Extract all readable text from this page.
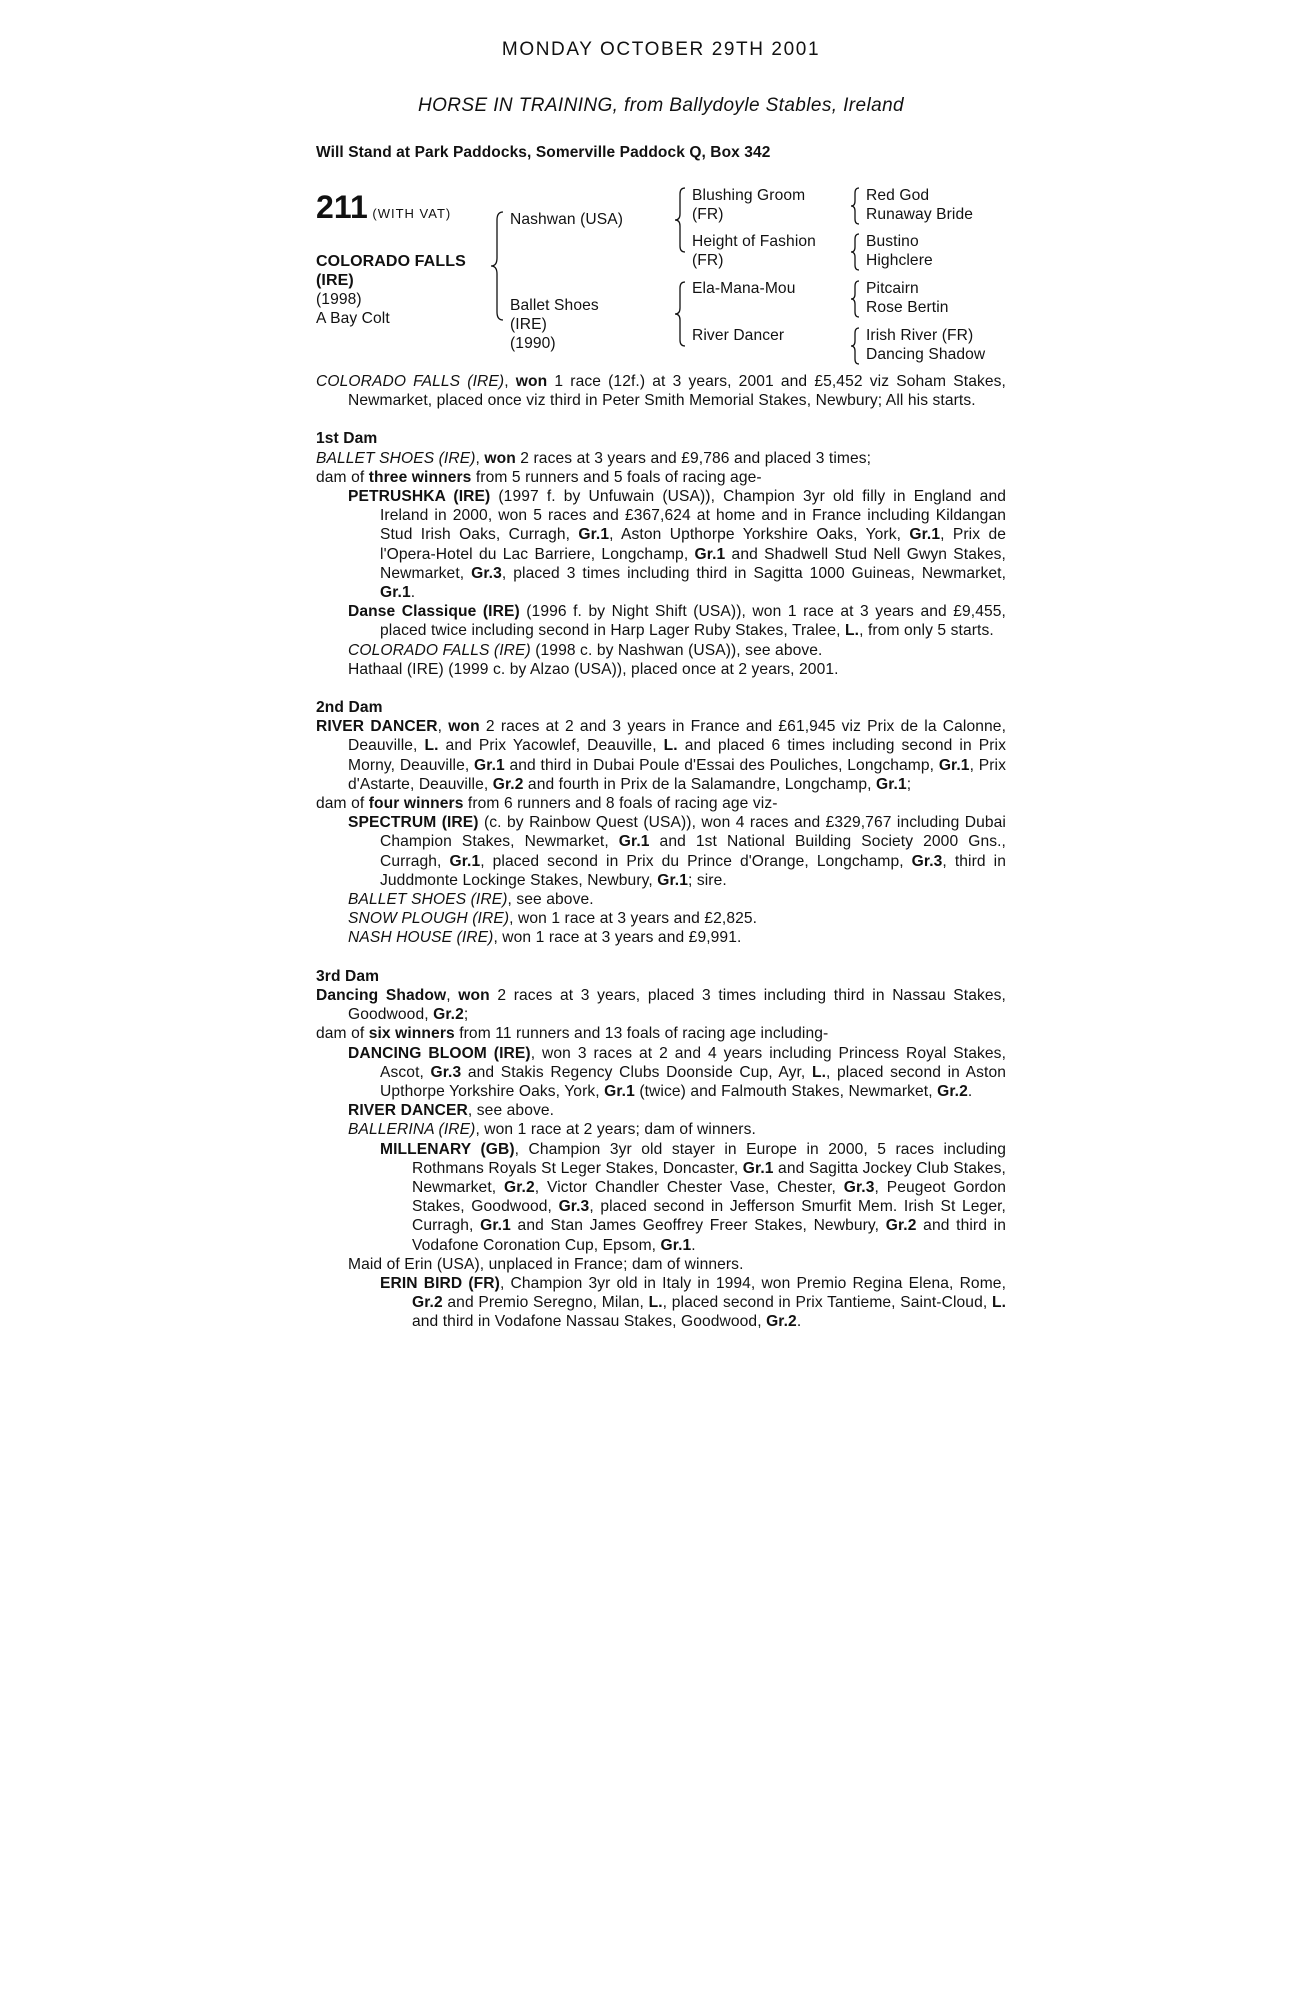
MONDAY OCTOBER 29TH 2001
HORSE IN TRAINING, from Ballydoyle Stables, Ireland
Will Stand at Park Paddocks, Somerville Paddock Q, Box 342
211 (WITH VAT)
COLORADO FALLS
(IRE)
(1998)
A Bay Colt
Nashwan (USA)
Ballet Shoes
(IRE)
(1990)
Blushing Groom
(FR)
Height of Fashion
(FR)
Ela-Mana-Mou
River Dancer
Red God
Runaway Bride
Bustino
Highclere
Pitcairn
Rose Bertin
Irish River (FR)
Dancing Shadow

COLORADO FALLS (IRE), won 1 race (12f.) at 3 years, 2001 and £5,452 viz Soham Stakes, Newmarket, placed once viz third in Peter Smith Memorial Stakes, Newbury; All his starts.

1st Dam

BALLET SHOES (IRE), won 2 races at 3 years and £9,786 and placed 3 times;

dam of three winners from 5 runners and 5 foals of racing age-

PETRUSHKA (IRE) (1997 f. by Unfuwain (USA)), Champion 3yr old filly in England and Ireland in 2000, won 5 races and £367,624 at home and in France including Kildangan Stud Irish Oaks, Curragh, Gr.1, Aston Upthorpe Yorkshire Oaks, York, Gr.1, Prix de l'Opera-Hotel du Lac Barriere, Longchamp, Gr.1 and Shadwell Stud Nell Gwyn Stakes, Newmarket, Gr.3, placed 3 times including third in Sagitta 1000 Guineas, Newmarket, Gr.1.

Danse Classique (IRE) (1996 f. by Night Shift (USA)), won 1 race at 3 years and £9,455, placed twice including second in Harp Lager Ruby Stakes, Tralee, L., from only 5 starts.

COLORADO FALLS (IRE) (1998 c. by Nashwan (USA)), see above.

Hathaal (IRE) (1999 c. by Alzao (USA)), placed once at 2 years, 2001.

2nd Dam

RIVER DANCER, won 2 races at 2 and 3 years in France and £61,945 viz Prix de la Calonne, Deauville, L. and Prix Yacowlef, Deauville, L. and placed 6 times including second in Prix Morny, Deauville, Gr.1 and third in Dubai Poule d'Essai des Pouliches, Longchamp, Gr.1, Prix d'Astarte, Deauville, Gr.2 and fourth in Prix de la Salamandre, Longchamp, Gr.1;

dam of four winners from 6 runners and 8 foals of racing age viz-

SPECTRUM (IRE) (c. by Rainbow Quest (USA)), won 4 races and £329,767 including Dubai Champion Stakes, Newmarket, Gr.1 and 1st National Building Society 2000 Gns., Curragh, Gr.1, placed second in Prix du Prince d'Orange, Longchamp, Gr.3, third in Juddmonte Lockinge Stakes, Newbury, Gr.1; sire.

BALLET SHOES (IRE), see above.

SNOW PLOUGH (IRE), won 1 race at 3 years and £2,825.

NASH HOUSE (IRE), won 1 race at 3 years and £9,991.

3rd Dam

Dancing Shadow, won 2 races at 3 years, placed 3 times including third in Nassau Stakes, Goodwood, Gr.2;

dam of six winners from 11 runners and 13 foals of racing age including-

DANCING BLOOM (IRE), won 3 races at 2 and 4 years including Princess Royal Stakes, Ascot, Gr.3 and Stakis Regency Clubs Doonside Cup, Ayr, L., placed second in Aston Upthorpe Yorkshire Oaks, York, Gr.1 (twice) and Falmouth Stakes, Newmarket, Gr.2.

RIVER DANCER, see above.

BALLERINA (IRE), won 1 race at 2 years; dam of winners.

MILLENARY (GB), Champion 3yr old stayer in Europe in 2000, 5 races including Rothmans Royals St Leger Stakes, Doncaster, Gr.1 and Sagitta Jockey Club Stakes, Newmarket, Gr.2, Victor Chandler Chester Vase, Chester, Gr.3, Peugeot Gordon Stakes, Goodwood, Gr.3, placed second in Jefferson Smurfit Mem. Irish St Leger, Curragh, Gr.1 and Stan James Geoffrey Freer Stakes, Newbury, Gr.2 and third in Vodafone Coronation Cup, Epsom, Gr.1.

Maid of Erin (USA), unplaced in France; dam of winners.

ERIN BIRD (FR), Champion 3yr old in Italy in 1994, won Premio Regina Elena, Rome, Gr.2 and Premio Seregno, Milan, L., placed second in Prix Tantieme, Saint-Cloud, L. and third in Vodafone Nassau Stakes, Goodwood, Gr.2.
